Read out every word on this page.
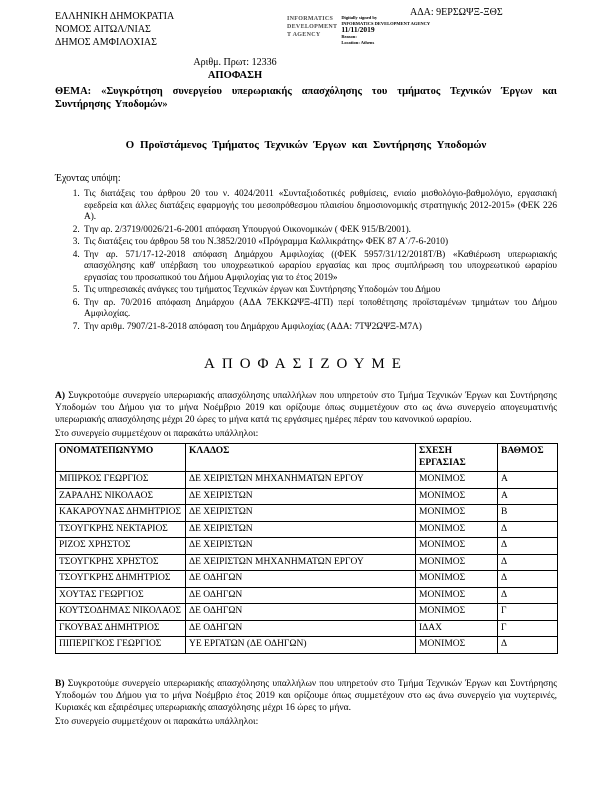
ΕΛΛΗΝΙΚΗ ΔΗΜΟΚΡΑΤΙΑ
ΝΟΜΟΣ ΑΙΤΩΛ/ΝΙΑΣ
ΔΗΜΟΣ ΑΜΦΙΛΟΧΙΑΣ
INFORMATICS
DEVELOPMENT
T AGENCY
Digitally signed by
INFORMATICS DEVELOPMENT AGENCY
11/11/2019
Reason:
Location: Athens
ΑΔΑ: 9ΕΡΣΩΨΞ-ΞΘΣ
Αριθμ. Πρωτ: 12336
ΑΠΟΦΑΣΗ
ΘΕΜΑ: «Συγκρότηση συνεργείου υπερωριακής απασχόλησης του τμήματος Τεχνικών Έργων και Συντήρησης Υποδομών»
Ο Προϊστάμενος Τμήματος Τεχνικών Έργων και Συντήρησης Υποδομών
Έχοντας υπόψη:
1. Τις διατάξεις του άρθρου 20 του ν. 4024/2011 «Συνταξιοδοτικές ρυθμίσεις, ενιαίο μισθολόγιο-βαθμολόγιο, εργασιακή εφεδρεία και άλλες διατάξεις εφαρμογής του μεσοπρόθεσμου πλαισίου δημοσιονομικής στρατηγικής 2012-2015» (ΦΕΚ 226 Α).
2. Την αρ. 2/3719/0026/21-6-2001 απόφαση Υπουργού Οικονομικών ( ΦΕΚ 915/Β/2001).
3. Τις διατάξεις του άρθρου 58 του Ν.3852/2010 «Πρόγραμμα Καλλικράτης» ΦΕΚ 87 Α΄/7-6-2010)
4. Την αρ. 571/17-12-2018 απόφαση Δημάρχου Αμφιλοχίας ((ΦΕΚ 5957/31/12/2018Τ/Β) «Καθιέρωση υπερωριακής απασχόλησης καθ' υπέρβαση του υποχρεωτικού ωραρίου εργασίας και προς συμπλήρωση του υποχρεωτικού ωραρίου εργασίας του προσωπικού του Δήμου Αμφιλοχίας για το έτος 2019»
5. Τις υπηρεσιακές ανάγκες του τμήματος Τεχνικών έργων και Συντήρησης Υποδομών του Δήμου
6. Την αρ. 70/2016 απόφαση Δημάρχου (ΑΔΑ 7ΕΚΚΩΨΞ-4ΓΠ) περί τοποθέτησης προϊσταμένων τμημάτων του Δήμου Αμφιλοχίας.
7. Την αριθμ. 7907/21-8-2018 απόφαση του Δημάρχου Αμφιλοχίας (ΑΔΑ: 7ΤΨ2ΩΨΞ-Μ7Λ)
ΑΠΟΦΑΣΙΖΟΥΜΕ
Α) Συγκροτούμε συνεργείο υπερωριακής απασχόλησης υπαλλήλων που υπηρετούν στο Τμήμα Τεχνικών Έργων και Συντήρησης Υποδομών του Δήμου για το μήνα Νοέμβριο 2019 και ορίζουμε όπως συμμετέχουν στο ως άνω συνεργείο απογευματινής υπερωριακής απασχόλησης μέχρι 20 ώρες το μήνα κατά τις εργάσιμες ημέρες πέραν του κανονικού ωραρίου.
Στο συνεργείο συμμετέχουν οι παρακάτω υπάλληλοι:
ΟΝΟΜΑΤΕΠΩΝΥΜΟ	ΚΛΑΔΟΣ	ΣΧΕΣΗ ΕΡΓΑΣΙΑΣ	ΒΑΘΜΟΣ
ΜΠΙΡΚΟΣ ΓΕΩΡΓΙΟΣ	ΔΕ ΧΕΙΡΙΣΤΩΝ ΜΗΧΑΝΗΜΑΤΩΝ ΕΡΓΟΥ	ΜΟΝΙΜΟΣ	Α
ΖΑΡΑΛΗΣ ΝΙΚΟΛΑΟΣ	ΔΕ ΧΕΙΡΙΣΤΩΝ	ΜΟΝΙΜΟΣ	Α
ΚΑΚΑΡΟΥΝΑΣ ΔΗΜΗΤΡΙΟΣ	ΔΕ ΧΕΙΡΙΣΤΩΝ	ΜΟΝΙΜΟΣ	Β
ΤΣΟΥΓΚΡΗΣ ΝΕΚΤΑΡΙΟΣ	ΔΕ ΧΕΙΡΙΣΤΩΝ	ΜΟΝΙΜΟΣ	Δ
ΡΙΖΟΣ ΧΡΗΣΤΟΣ	ΔΕ ΧΕΙΡΙΣΤΩΝ	ΜΟΝΙΜΟΣ	Δ
ΤΣΟΥΓΚΡΗΣ ΧΡΗΣΤΟΣ	ΔΕ ΧΕΙΡΙΣΤΩΝ ΜΗΧΑΝΗΜΑΤΩΝ ΕΡΓΟΥ	ΜΟΝΙΜΟΣ	Δ
ΤΣΟΥΓΚΡΗΣ ΔΗΜΗΤΡΙΟΣ	ΔΕ ΟΔΗΓΩΝ	ΜΟΝΙΜΟΣ	Δ
ΧΟΥΤΑΣ ΓΕΩΡΓΙΟΣ	ΔΕ ΟΔΗΓΩΝ	ΜΟΝΙΜΟΣ	Δ
ΚΟΥΤΣΟΔΗΜΑΣ ΝΙΚΟΛΑΟΣ	ΔΕ ΟΔΗΓΩΝ	ΜΟΝΙΜΟΣ	Γ
ΓΚΟΥΒΑΣ ΔΗΜΗΤΡΙΟΣ	ΔΕ ΟΔΗΓΩΝ	ΙΔΑΧ	Γ
ΠΙΠΕΡΙΓΚΟΣ ΓΕΩΡΓΙΟΣ	ΥΕ ΕΡΓΑΤΩΝ (ΔΕ ΟΔΗΓΩΝ)	ΜΟΝΙΜΟΣ	Δ
Β) Συγκροτούμε συνεργείο υπερωριακής απασχόλησης υπαλλήλων που υπηρετούν στο Τμήμα Τεχνικών Έργων και Συντήρησης Υποδομών του Δήμου για το μήνα Νοέμβριο έτος 2019 και ορίζουμε όπως συμμετέχουν στο ως άνω συνεργείο για νυχτερινές, Κυριακές και εξαιρέσιμες υπερωριακής απασχόλησης μέχρι 16 ώρες το μήνα.
Στο συνεργείο συμμετέχουν οι παρακάτω υπάλληλοι:
